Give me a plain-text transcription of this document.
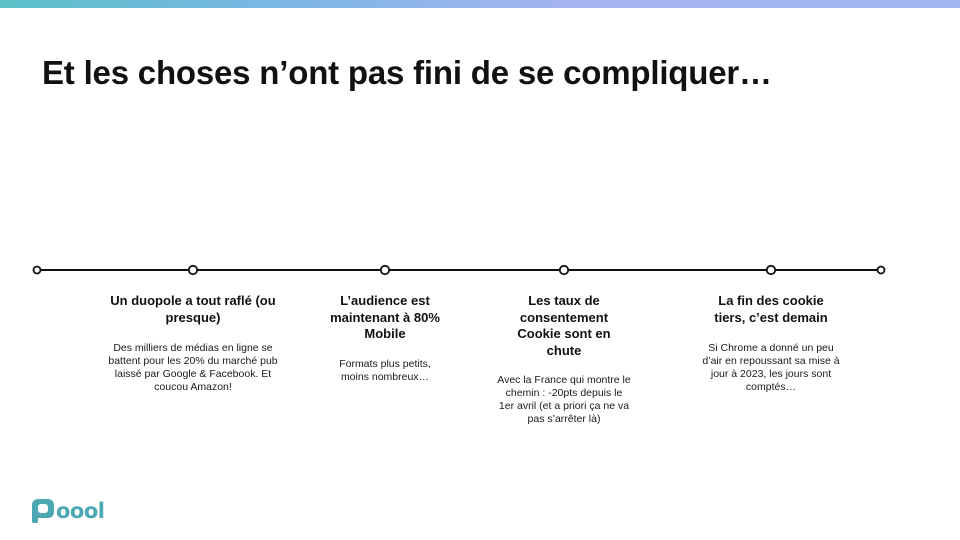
Et les choses n’ont pas fini de se compliquer…
Un duopole a tout raflé (ou presque)
Des milliers de médias en ligne se battent pour les 20% du marché pub laissé par Google & Facebook. Et coucou Amazon!
L’audience est maintenant à 80% Mobile
Formats plus petits, moins nombreux…
Les taux de consentement Cookie sont en chute
Avec la France qui montre le chemin : -20pts depuis le 1er avril (et a priori ça ne va pas s’arrêter là)
La fin des cookie tiers, c’est demain
Si Chrome a donné un peu d’air en repoussant sa mise à jour à 2023, les jours sont comptés…
oool
